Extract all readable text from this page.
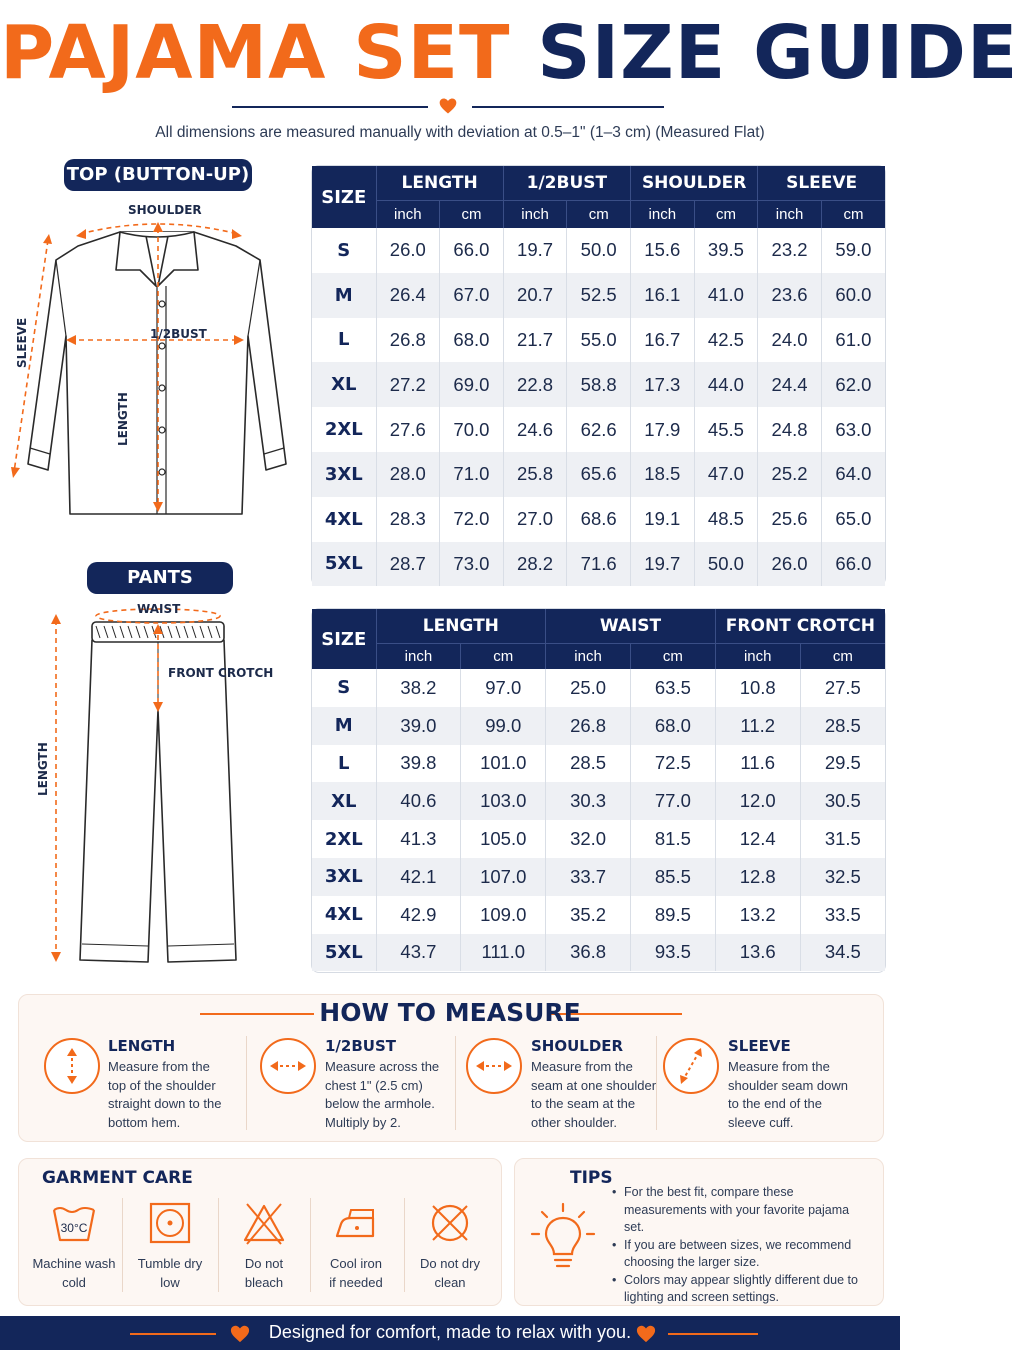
PAJAMA SET SIZE GUIDE
All dimensions are measured manually with deviation at 0.5–1" (1–3 cm) (Measured Flat)
TOP (BUTTON-UP)
SHOULDER
1/2BUST
SLEEVE
LENGTH
PANTS
WAIST
FRONT CROTCH
LENGTH
SIZE	LENGTH		1/2BUST		SHOULDER		SLEEVE	
	inch	cm	inch	cm	inch	cm	inch	cm
S	26.0	66.0	19.7	50.0	15.6	39.5	23.2	59.0
M	26.4	67.0	20.7	52.5	16.1	41.0	23.6	60.0
L	26.8	68.0	21.7	55.0	16.7	42.5	24.0	61.0
XL	27.2	69.0	22.8	58.8	17.3	44.0	24.4	62.0
2XL	27.6	70.0	24.6	62.6	17.9	45.5	24.8	63.0
3XL	28.0	71.0	25.8	65.6	18.5	47.0	25.2	64.0
4XL	28.3	72.0	27.0	68.6	19.1	48.5	25.6	65.0
5XL	28.7	73.0	28.2	71.6	19.7	50.0	26.0	66.0
SIZE	LENGTH		WAIST		FRONT CROTCH	
	inch	cm	inch	cm	inch	cm
S	38.2	97.0	25.0	63.5	10.8	27.5
M	39.0	99.0	26.8	68.0	11.2	28.5
L	39.8	101.0	28.5	72.5	11.6	29.5
XL	40.6	103.0	30.3	77.0	12.0	30.5
2XL	41.3	105.0	32.0	81.5	12.4	31.5
3XL	42.1	107.0	33.7	85.5	12.8	32.5
4XL	42.9	109.0	35.2	89.5	13.2	33.5
5XL	43.7	111.0	36.8	93.5	13.6	34.5
HOW TO MEASURE
LENGTH
Measure from the
top of the shoulder
straight down to the
bottom hem.
1/2BUST
Measure across the
chest 1" (2.5 cm)
below the armhole.
Multiply by 2.
SHOULDER
Measure from the
seam at one shoulder
to the seam at the
other shoulder.
SLEEVE
Measure from the
shoulder seam down
to the end of the
sleeve cuff.
GARMENT CARE
30°C
Machine wash
cold
Tumble dry
low
Do not
bleach
Cool iron
if needed
Do not dry
clean
TIPS
• For the best fit, compare these measurements with your favorite pajama set.
• If you are between sizes, we recommend choosing the larger size.
• Colors may appear slightly different due to lighting and screen settings.
Designed for comfort, made to relax with you.
